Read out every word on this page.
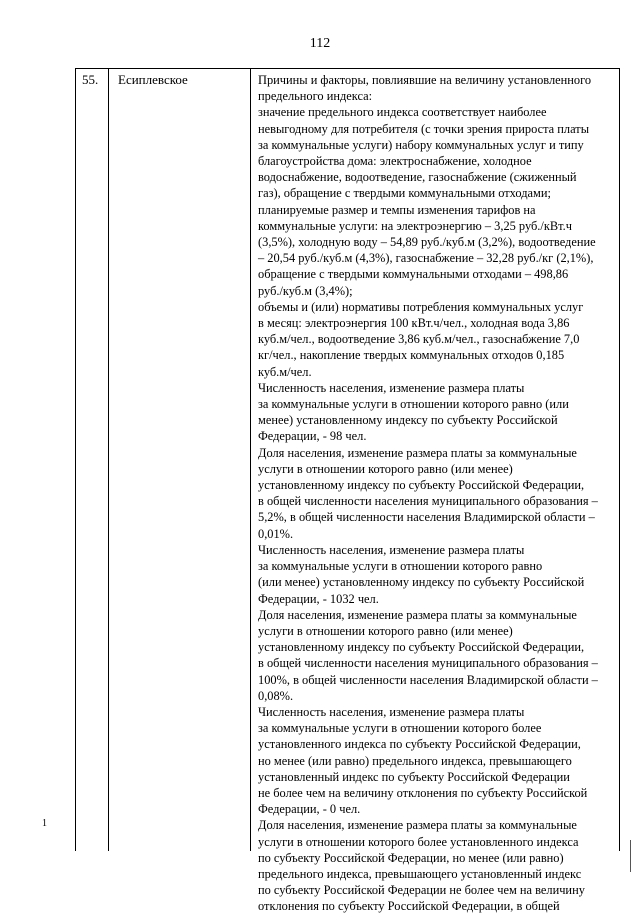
112
55. Есиплевское	Причины и факторы, повлиявшие на величину установленного
предельного индекса:
значение предельного индекса соответствует наиболее
невыгодному для потребителя (с точки зрения прироста платы
за коммунальные услуги) набору коммунальных услуг и типу
благоустройства дома: электроснабжение, холодное
водоснабжение, водоотведение, газоснабжение (сжиженный
газ), обращение с твердыми коммунальными отходами;
планируемые размер и темпы изменения тарифов на
коммунальные услуги: на электроэнергию – 3,25 руб./кВт.ч
(3,5%), холодную воду – 54,89 руб./куб.м (3,2%), водоотведение
– 20,54 руб./куб.м (4,3%), газоснабжение – 32,28 руб./кг (2,1%),
обращение с твердыми коммунальными отходами – 498,86
руб./куб.м (3,4%);
объемы и (или) нормативы потребления коммунальных услуг
в месяц: электроэнергия 100 кВт.ч/чел., холодная вода 3,86
куб.м/чел., водоотведение 3,86 куб.м/чел., газоснабжение 7,0
кг/чел., накопление твердых коммунальных отходов 0,185
куб.м/чел.
Численность населения, изменение размера платы
за коммунальные услуги в отношении которого равно (или
менее) установленному индексу по субъекту Российской
Федерации, - 98 чел.
Доля населения, изменение размера платы за коммунальные
услуги в отношении которого равно (или менее)
установленному индексу по субъекту Российской Федерации,
в общей численности населения муниципального образования –
5,2%, в общей численности населения Владимирской области –
0,01%.
Численность населения, изменение размера платы
за коммунальные услуги в отношении которого равно
(или менее) установленному индексу по субъекту Российской
Федерации, - 1032 чел.
Доля населения, изменение размера платы за коммунальные
услуги в отношении которого равно (или менее)
установленному индексу по субъекту Российской Федерации,
в общей численности населения муниципального образования –
100%, в общей численности населения Владимирской области –
0,08%.
Численность населения, изменение размера платы
за коммунальные услуги в отношении которого более
установленного индекса по субъекту Российской Федерации,
но менее (или равно) предельного индекса, превышающего
установленный индекс по субъекту Российской Федерации
не более чем на величину отклонения по субъекту Российской
Федерации, - 0 чел.
Доля населения, изменение размера платы за коммунальные
услуги в отношении которого более установленного индекса
по субъекту Российской Федерации, но менее (или равно)
предельного индекса, превышающего установленный индекс
по субъекту Российской Федерации не более чем на величину
отклонения по субъекту Российской Федерации, в общей
1
